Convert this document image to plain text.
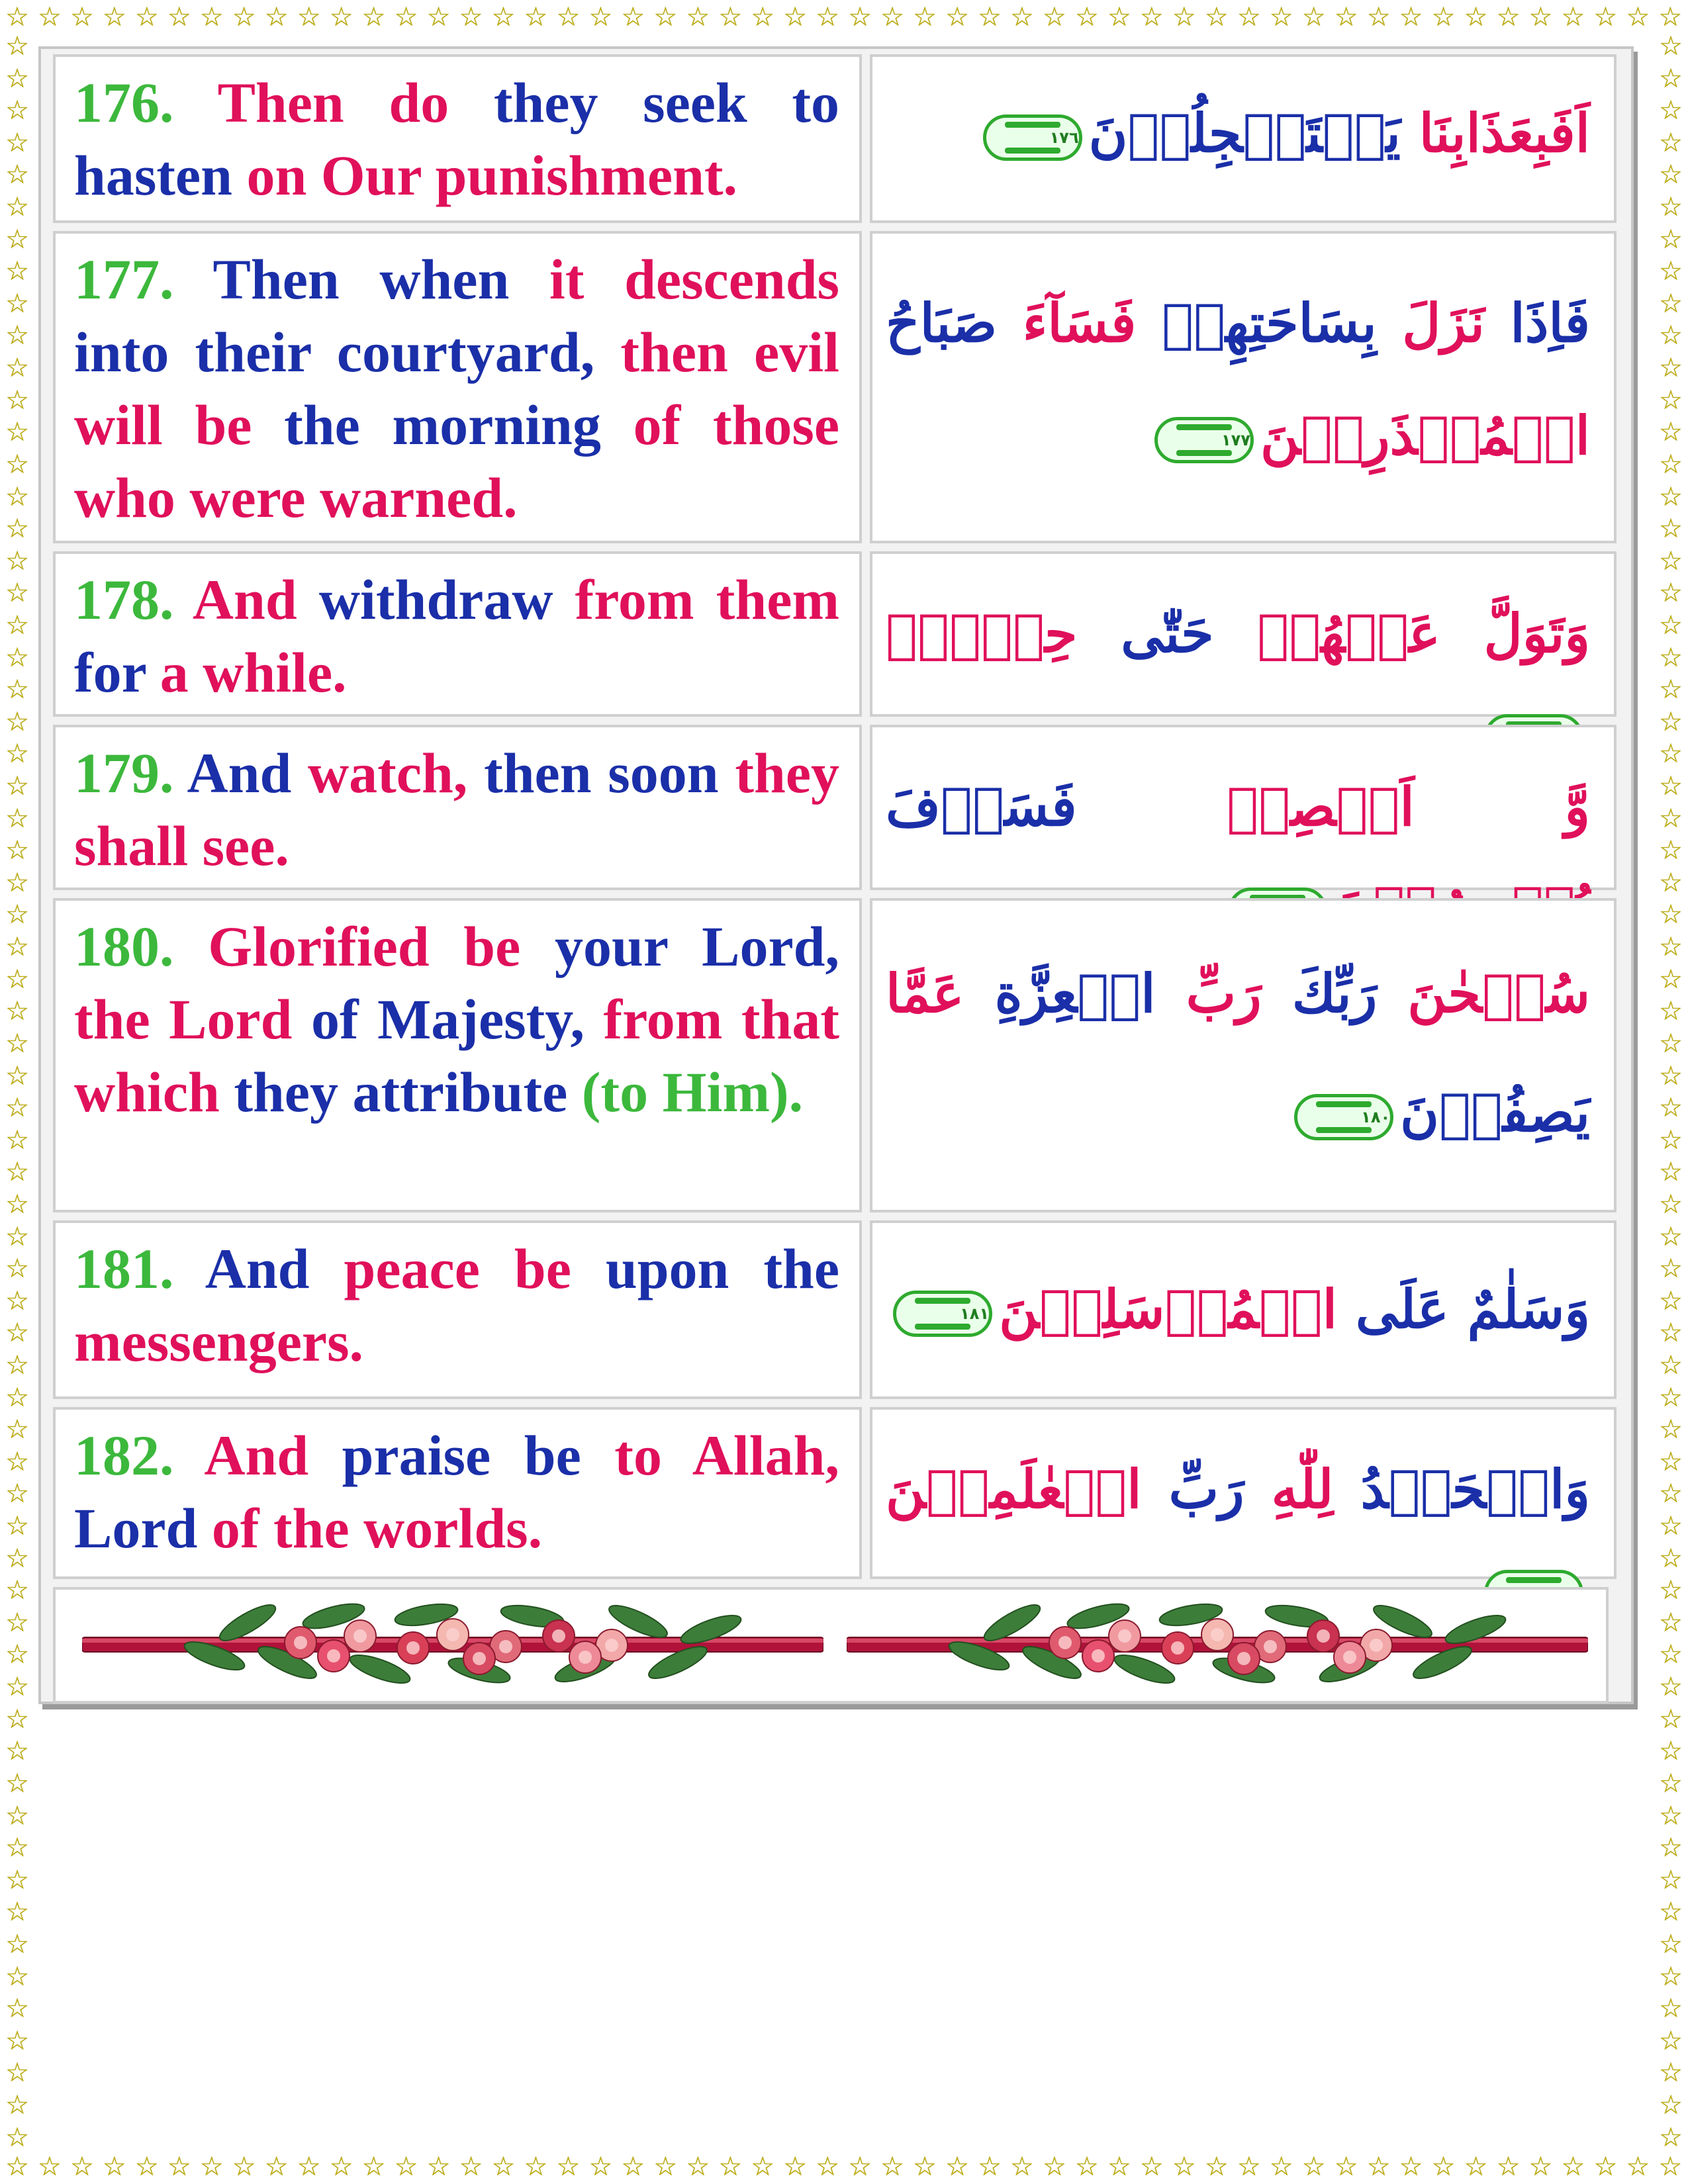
☆ ☆ ☆ ☆ ☆ ☆ ☆ ☆ ☆ ☆ ☆ ☆ ☆ ☆ ☆ ☆ ☆ ☆ ☆ ☆ ☆ ☆ ☆ ☆ ☆ ☆ ☆ ☆ ☆ ☆ ☆ ☆ ☆ ☆ ☆ ☆ ☆ ☆ ☆ ☆ ☆ ☆ ☆ ☆ ☆ ☆ ☆ ☆ ☆ ☆ ☆ ☆
☆ ☆ ☆ ☆ ☆ ☆ ☆ ☆ ☆ ☆ ☆ ☆ ☆ ☆ ☆ ☆ ☆ ☆ ☆ ☆ ☆ ☆ ☆ ☆ ☆ ☆ ☆ ☆ ☆ ☆ ☆ ☆ ☆ ☆ ☆ ☆ ☆ ☆ ☆ ☆ ☆ ☆ ☆ ☆ ☆ ☆ ☆ ☆ ☆ ☆ ☆ ☆
☆
☆
☆
☆
☆
☆
☆
☆
☆
☆
☆
☆
☆
☆
☆
☆
☆
☆
☆
☆
☆
☆
☆
☆
☆
☆
☆
☆
☆
☆
☆
☆
☆
☆
☆
☆
☆
☆
☆
☆
☆
☆
☆
☆
☆
☆
☆
☆
☆
☆
☆
☆
☆
☆
☆
☆
☆
☆
☆
☆
☆
☆
☆
☆
☆
☆
☆
☆
☆
☆
☆
☆
☆
☆
☆
☆
☆
☆
☆
☆
☆
☆
☆
☆
☆
☆
☆
☆
☆
☆
☆
☆
☆
☆
☆
☆
☆
☆
☆
☆
☆
☆
☆
☆
☆
☆
☆
☆
☆
☆
☆
☆
☆
☆
☆
☆
☆
☆
☆
☆
☆
☆
☆
☆
☆
☆
☆
☆
☆
☆
☆
☆
176. Then do they seek to hasten on Our punishment.
اَفَبِعَذَابِنَا يَسۡتَعۡجِلُوۡنَ
١٧٦
177. Then when it descends into their courtyard, then evil will be the morning of those who were warned.
فَاِذَا نَزَلَ بِسَاحَتِهِمۡ فَسَآءَ صَبَاحُ الۡمُنۡذَرِيۡنَ
١٧٧
178. And withdraw from them for a while.
وَتَوَلَّ عَنۡهُمۡ حَتّٰى حِيۡنٍۙ
179. And watch, then soon they shall see.
وَّ اَبۡصِرۡ فَسَوۡفَ
180. Glorified be your Lord, the Lord of Majesty, from that which they attribute (to Him).
سُبۡحٰنَ رَبِّكَ رَبِّ الۡعِزَّةِ عَمَّا يَصِفُوۡنَ
١٨٠
181. And peace be upon the messengers.
وَسَلٰمٌ عَلَى الۡمُرۡسَلِيۡنَ
١٨١
182. And praise be to Allah, Lord of the worlds.
وَالۡحَمۡدُ لِلّٰهِ رَبِّ الۡعٰلَمِيۡنَ
